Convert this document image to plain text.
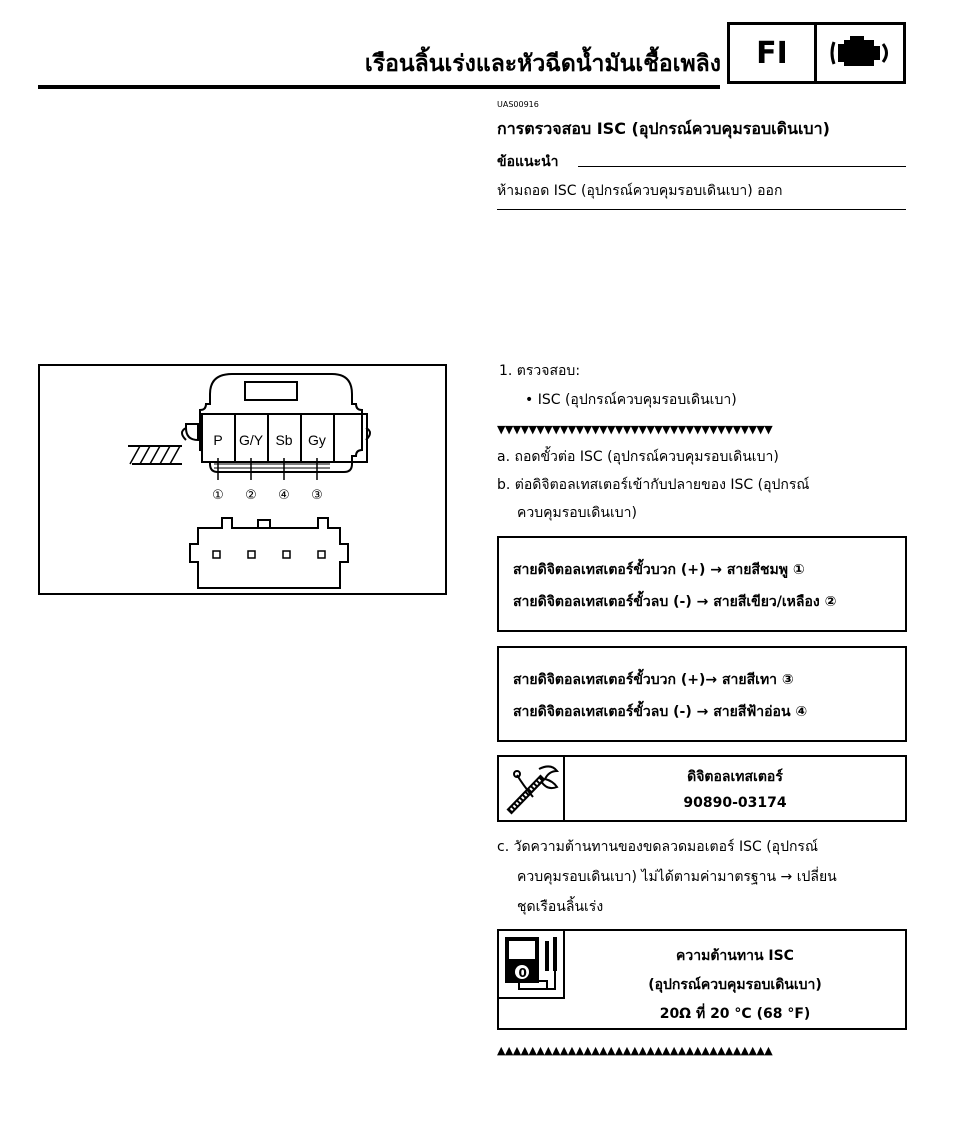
เรือนลิ้นเร่งและหัวฉีดน้ำมันเชื้อเพลิง	FI
UAS00916
การตรวจสอบ ISC (อุปกรณ์ควบคุมรอบเดินเบา)
ข้อแนะนำ
ห้ามถอด ISC (อุปกรณ์ควบคุมรอบเดินเบา) ออก
1. ตรวจสอบ:
• ISC (อุปกรณ์ควบคุมรอบเดินเบา)
▼▼▼▼▼▼▼▼▼▼▼▼▼▼▼▼▼▼▼▼▼▼▼▼▼▼▼▼▼▼▼▼▼▼▼
a. ถอดขั้วต่อ ISC (อุปกรณ์ควบคุมรอบเดินเบา)
b. ต่อดิจิตอลเทสเตอร์เข้ากับปลายของ ISC (อุปกรณ์
ควบคุมรอบเดินเบา)
สายดิจิตอลเทสเตอร์ขั้วบวก (+) → สายสีชมพู ①
สายดิจิตอลเทสเตอร์ขั้วลบ (-) → สายสีเขียว/เหลือง ②
สายดิจิตอลเทสเตอร์ขั้วบวก (+)→ สายสีเทา ③
สายดิจิตอลเทสเตอร์ขั้วลบ (-) → สายสีฟ้าอ่อน ④
ดิจิตอลเทสเตอร์
90890-03174
c. วัดความต้านทานของขดลวดมอเตอร์ ISC (อุปกรณ์
ควบคุมรอบเดินเบา) ไม่ได้ตามค่ามาตรฐาน → เปลี่ยน
ชุดเรือนลิ้นเร่ง
0
ความต้านทาน ISC
(อุปกรณ์ควบคุมรอบเดินเบา)
20Ω ที่ 20 °C (68 °F)
▲▲▲▲▲▲▲▲▲▲▲▲▲▲▲▲▲▲▲▲▲▲▲▲▲▲▲▲▲▲▲▲▲▲▲
P G/Y Sb Gy
① ② ④ ③
